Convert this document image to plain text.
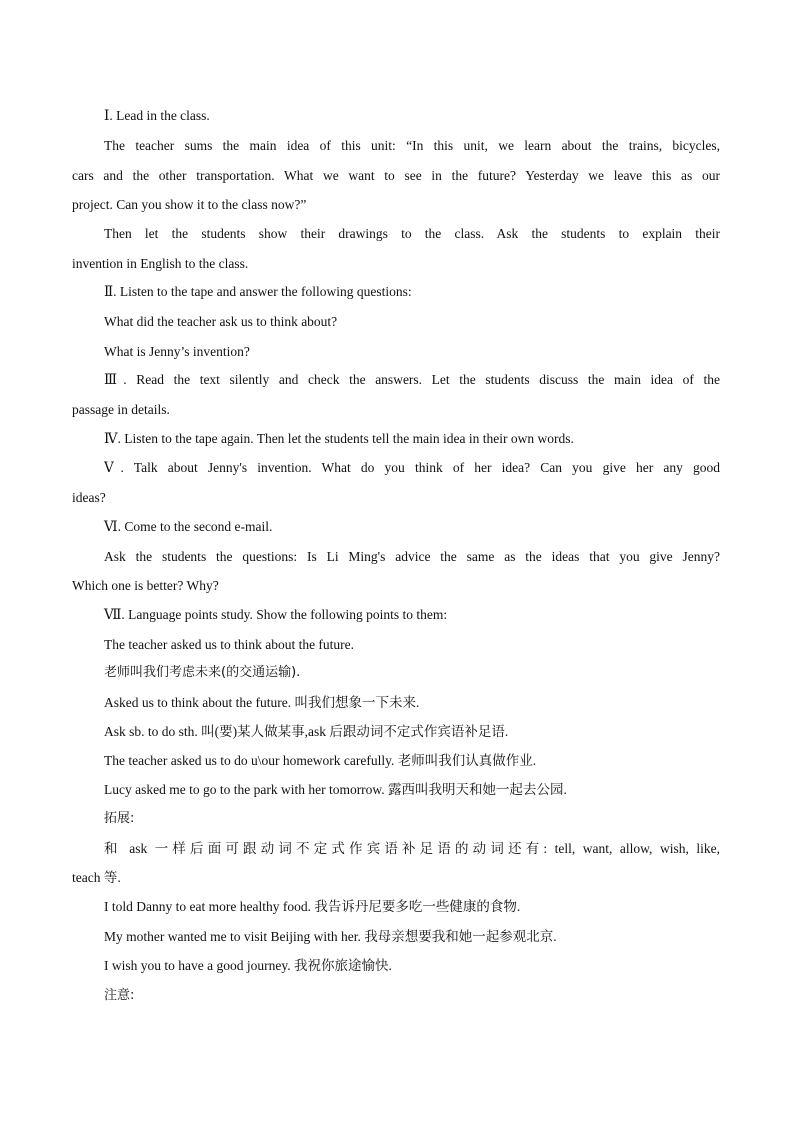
Ⅰ. Lead in the class.
The teacher sums the main idea of this unit: “In this unit, we learn about the trains, bicycles,
cars and the other transportation. What we want to see in the future? Yesterday we leave this as our
project. Can you show it to the class now?”
Then let the students show their drawings to the class. Ask the students to explain their
invention in English to the class.
Ⅱ. Listen to the tape and answer the following questions:
What did the teacher ask us to think about?
What is Jenny’s invention?
Ⅲ. Read the text silently and check the answers. Let the students discuss the main idea of the
passage in details.
Ⅳ. Listen to the tape again. Then let the students tell the main idea in their own words.
Ⅴ. Talk about Jenny's invention. What do you think of her idea? Can you give her any good
ideas?
Ⅵ. Come to the second e-mail.
Ask the students the questions: Is Li Ming's advice the same as the ideas that you give Jenny?
Which one is better? Why?
Ⅶ. Language points study. Show the following points to them:
The teacher asked us to think about the future.
老师叫我们考虑未来(的交通运输).
Asked us to think about the future. 叫我们想象一下未来.
Ask sb. to do sth. 叫(要)某人做某事,ask 后跟动词不定式作宾语补足语.
The teacher asked us to do u\our homework carefully. 老师叫我们认真做作业.
Lucy asked me to go to the park with her tomorrow. 露西叫我明天和她一起去公园.
拓展:
和 ask 一样后面可跟动词不定式作宾语补足语的动词还有: tell, want, allow, wish, like,
teach 等.
I told Danny to eat more healthy food. 我告诉丹尼要多吃一些健康的食物.
My mother wanted me to visit Beijing with her. 我母亲想要我和她一起参观北京.
I wish you to have a good journey. 我祝你旅途愉快.
注意:
